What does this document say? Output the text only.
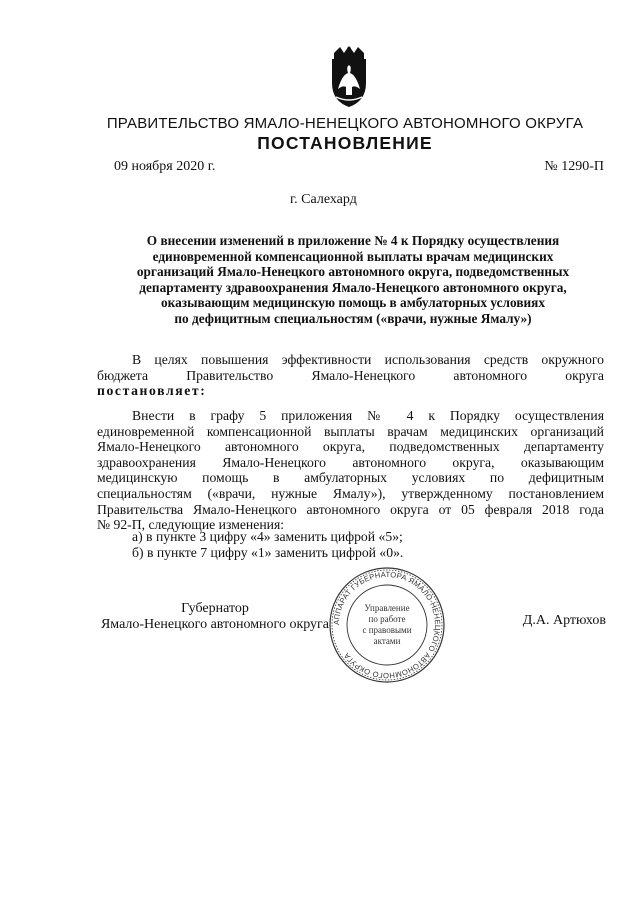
ПРАВИТЕЛЬСТВО ЯМАЛО-НЕНЕЦКОГО АВТОНОМНОГО ОКРУГА
ПОСТАНОВЛЕНИЕ
09 ноября 2020 г.	№ 1290-П
г. Салехард
О внесении изменений в приложение № 4 к Порядку осуществления
единовременной компенсационной выплаты врачам медицинских
организаций Ямало-Ненецкого автономного округа, подведомственных
департаменту здравоохранения Ямало-Ненецкого автономного округа,
оказывающим медицинскую помощь в амбулаторных условиях
по дефицитным специальностям («врачи, нужные Ямалу»)
В целях повышения эффективности использования средств окружного
бюджета Правительство Ямало-Ненецкого автономного округа
постановляет:
Внести в графу 5 приложения № 4 к Порядку осуществления
единовременной компенсационной выплаты врачам медицинских организаций
Ямало-Ненецкого автономного округа, подведомственных департаменту
здравоохранения Ямало-Ненецкого автономного округа, оказывающим
медицинскую помощь в амбулаторных условиях по дефицитным
специальностям («врачи, нужные Ямалу»), утвержденному постановлением
Правительства Ямало-Ненецкого автономного округа от 05 февраля 2018 года
№ 92-П, следующие изменения:
а) в пункте 3 цифру «4» заменить цифрой «5»;
б) в пункте 7 цифру «1» заменить цифрой «0».
Губернатор
Ямало-Ненецкого автономного округа	Д.А. Артюхов
АППАРАТ ГУБЕРНАТОРА ЯМАЛО-НЕНЕЦКОГО АВТОНОМНОГО ОКРУГА
Управление
по работе
с правовыми
актами
